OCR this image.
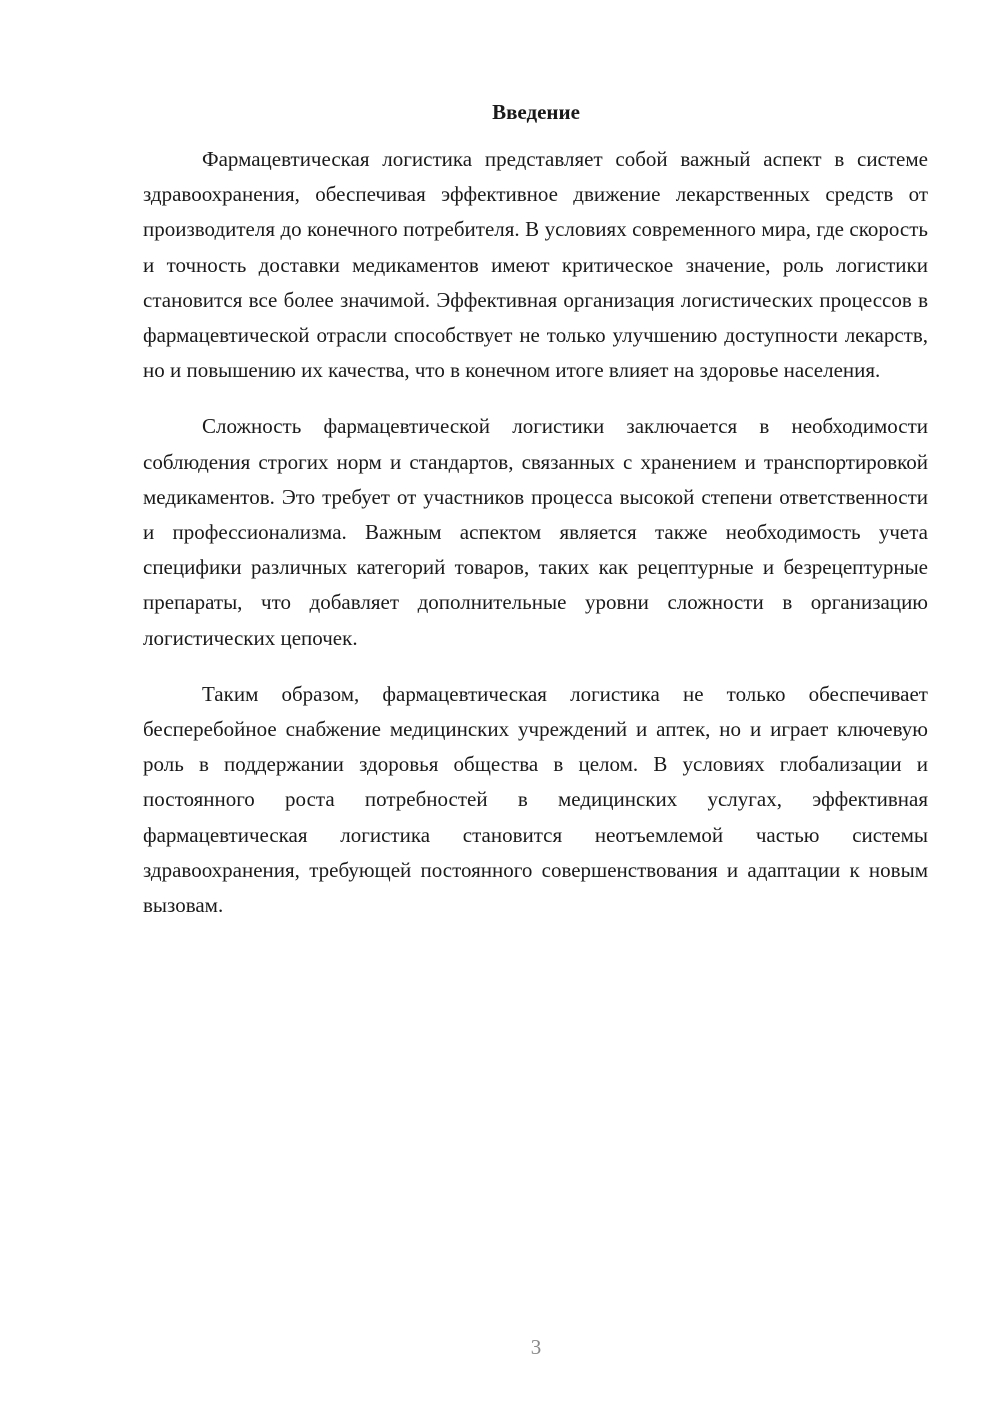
Введение

Фармацевтическая логистика представляет собой важный аспект в системе здравоохранения, обеспечивая эффективное движение лекарственных средств от производителя до конечного потребителя. В условиях современного мира, где скорость и точность доставки медикаментов имеют критическое значение, роль логистики становится все более значимой. Эффективная организация логистических процессов в фармацевтической отрасли способствует не только улучшению доступности лекарств, но и повышению их качества, что в конечном итоге влияет на здоровье населения.

Сложность фармацевтической логистики заключается в необходимости соблюдения строгих норм и стандартов, связанных с хранением и транспортировкой медикаментов. Это требует от участников процесса высокой степени ответственности и профессионализма. Важным аспектом является также необходимость учета специфики различных категорий товаров, таких как рецептурные и безрецептурные препараты, что добавляет дополнительные уровни сложности в организацию логистических цепочек.

Таким образом, фармацевтическая логистика не только обеспечивает бесперебойное снабжение медицинских учреждений и аптек, но и играет ключевую роль в поддержании здоровья общества в целом. В условиях глобализации и постоянного роста потребностей в медицинских услугах, эффективная фармацевтическая логистика становится неотъемлемой частью системы здравоохранения, требующей постоянного совершенствования и адаптации к новым вызовам.

3
